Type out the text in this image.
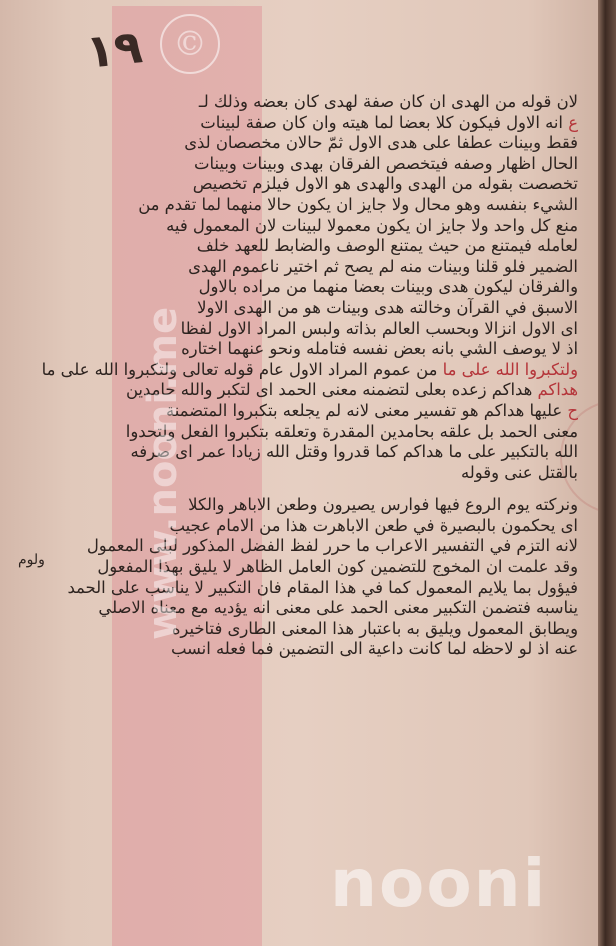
©
١٩
ولوم
لان قوله من الهدى ان كان صفة لهدى كان بعضه وذلك لـ
ع انه الاول فيكون كلا بعضا لما هيته وان كان صفة لبينات
فقط وبينات عطفا على هدى الاول ثمّ حالان مخصصان لذى
الحال اظهار وصفه فيتخصص الفرقان بهدى وبينات وبينات
تخصصت بقوله من الهدى والهدى هو الاول فيلزم تخصيص
الشيء بنفسه وهو محال ولا جايز ان يكون حالا منهما لما تقدم من
منع كل واحد ولا جايز ان يكون معمولا لبينات لان المعمول فيه
لعامله فيمتنع من حيث يمتنع الوصف والضابط للعهد خلف
الضمير فلو قلنا وبينات منه لم يصح ثم اختير ناعموم الهدى
والفرقان ليكون هدى وبينات بعضا منهما من مراده بالاول
الاسبق في القرآن وخالته هدى وبينات هو من الهدى الاولا
اى الاول انزالا وبحسب العالم بذاته ولبس المراد الاول لفظا
اذ لا يوصف الشي بانه بعض نفسه فتامله ونحو عنهما اختاره
ولتكبروا الله على ما من عموم المراد الاول عام قوله تعالى ولتكبروا الله على ما
هداكم هداكم زعده بعلى لتضمنه معنى الحمد اى لتكبر والله حامدين
ح عليها هداكم هو تفسير معنى لانه لم يجلعه بتكبروا المتضمنة
معنى الحمد بل علقه بحامدين المقدرة وتعلقه بتكبروا الفعل ولتحدوا
الله بالتكبير على ما هداكم كما قدروا وقتل الله زيادا عمر اى صرفه
بالقتل عنى وقوله
ونركته يوم الروع فيها فوارس يصيرون وطعن الاباهر والكلا
اى يحكمون بالبصيرة في طعن الاباهرت هذا من الامام عجيب
لانه التزم في التفسير الاعراب ما حرر لفظ الفضل المذكور لبلى المعمول
وقد علمت ان المخوج للتضمين كون العامل الظاهر لا يليق بهذا المفعول
فيؤول بما يلايم المعمول كما في هذا المقام فان التكبير لا يناسب على الحمد
يناسبه فتضمن التكبير معنى الحمد على معنى انه يؤديه مع معناه الاصلي
ويطابق المعمول ويليق به باعتبار هذا المعنى الطارى فتاخيره
عنه اذ لو لاحظه لما كانت داعية الى التضمين فما فعله انسب
www.nooni.me
nooni
